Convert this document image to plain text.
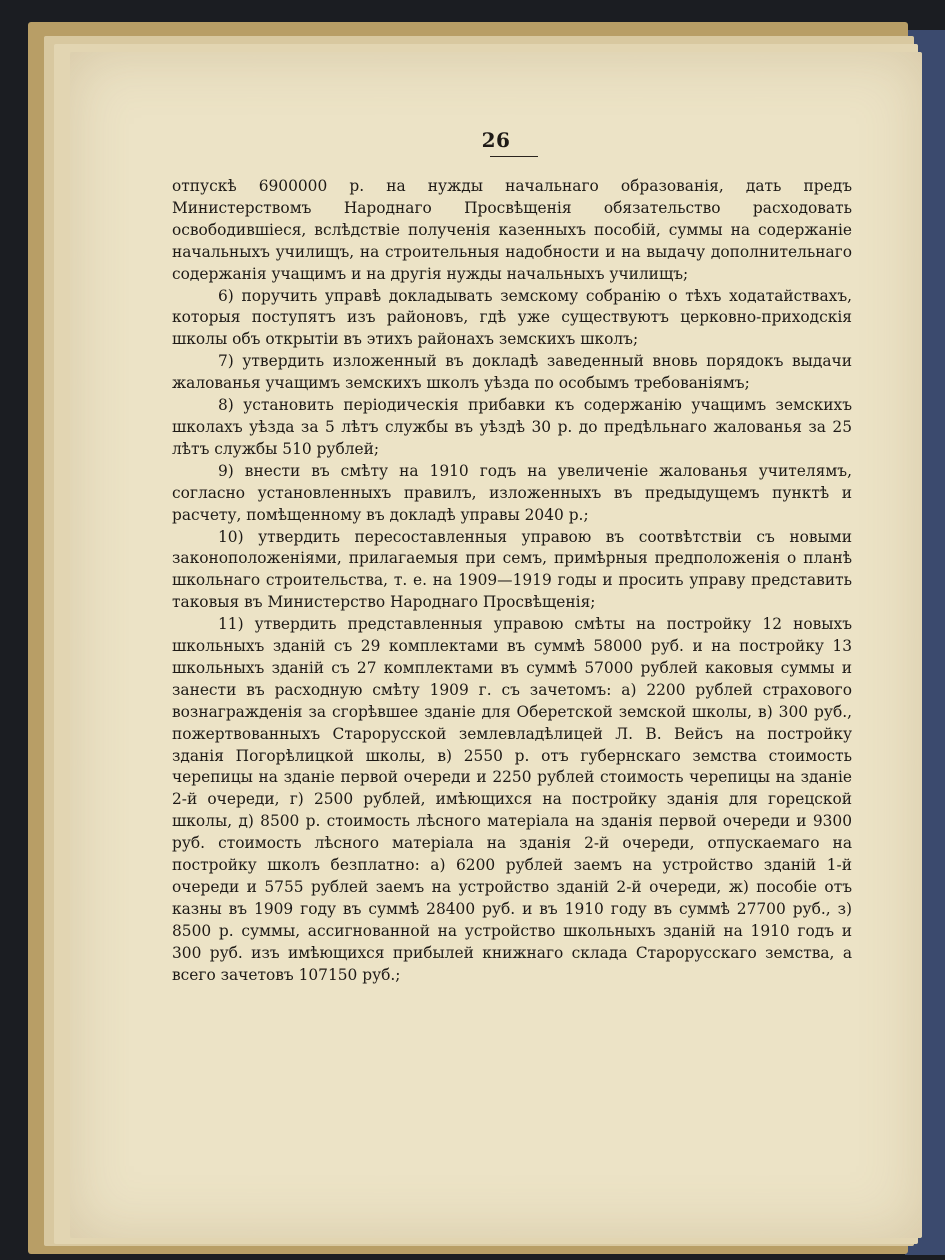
26

отпускѣ 6900000 р. на нужды начальнаго образованія, дать предъ Министерствомъ Народнаго Просвѣщенія обязательство расходовать освободившіеся, вслѣдствіе полученія казенныхъ пособій, суммы на содержаніе начальныхъ училищъ, на строительныя надобности и на выдачу дополнительнаго содержанія учащимъ и на другія нужды начальныхъ училищъ;

6) поручить управѣ докладывать земскому собранію о тѣхъ ходатайствахъ, которыя поступятъ изъ районовъ, гдѣ уже существуютъ церковно-приходскія школы объ открытіи въ этихъ районахъ земскихъ школъ;

7) утвердить изложенный въ докладѣ заведенный вновь порядокъ выдачи жалованья учащимъ земскихъ школъ уѣзда по особымъ требованіямъ;

8) установить періодическія прибавки къ содержанію учащимъ земскихъ школахъ уѣзда за 5 лѣтъ службы въ уѣздѣ 30 р. до предѣльнаго жалованья за 25 лѣтъ службы 510 рублей;

9) внести въ смѣту на 1910 годъ на увеличеніе жалованья учителямъ, согласно установленныхъ правилъ, изложенныхъ въ предыдущемъ пунктѣ и расчету, помѣщенному въ докладѣ управы 2040 р.;

10) утвердить пересоставленныя управою въ соотвѣтствіи съ новыми законоположеніями, прилагаемыя при семъ, примѣрныя предположенія о планѣ школьнаго строительства, т. е. на 1909—1919 годы и просить управу представить таковыя въ Министерство Народнаго Просвѣщенія;

11) утвердить представленныя управою смѣты на постройку 12 новыхъ школьныхъ зданій съ 29 комплектами въ суммѣ 58000 руб. и на постройку 13 школьныхъ зданій съ 27 комплектами въ суммѣ 57000 рублей каковыя суммы и занести въ расходную смѣту 1909 г. съ зачетомъ: а) 2200 рублей страхового вознагражденія за сгорѣвшее зданіе для Оберетской земской школы, в) 300 руб., пожертвованныхъ Старорусской землевладѣлицей Л. В. Вейсъ на постройку зданія Погорѣлицкой школы, в) 2550 р. отъ губернскаго земства стоимость черепицы на зданіе первой очереди и 2250 рублей стоимость черепицы на зданіе 2-й очереди, г) 2500 рублей, имѣющихся на постройку зданія для горецской школы, д) 8500 р. стоимость лѣсного матеріала на зданія первой очереди и 9300 руб. стоимость лѣсного матеріала на зданія 2-й очереди, отпускаемаго на постройку школъ безплатно: а) 6200 рублей заемъ на устройство зданій 1-й очереди и 5755 рублей заемъ на устройство зданій 2-й очереди, ж) пособіе отъ казны въ 1909 году въ суммѣ 28400 руб. и въ 1910 году въ суммѣ 27700 руб., з) 8500 р. суммы, ассигнованной на устройство школьныхъ зданій на 1910 годъ и 300 руб. изъ имѣющихся прибылей книжнаго склада Старорусскаго земства, а всего зачетовъ 107150 руб.;
